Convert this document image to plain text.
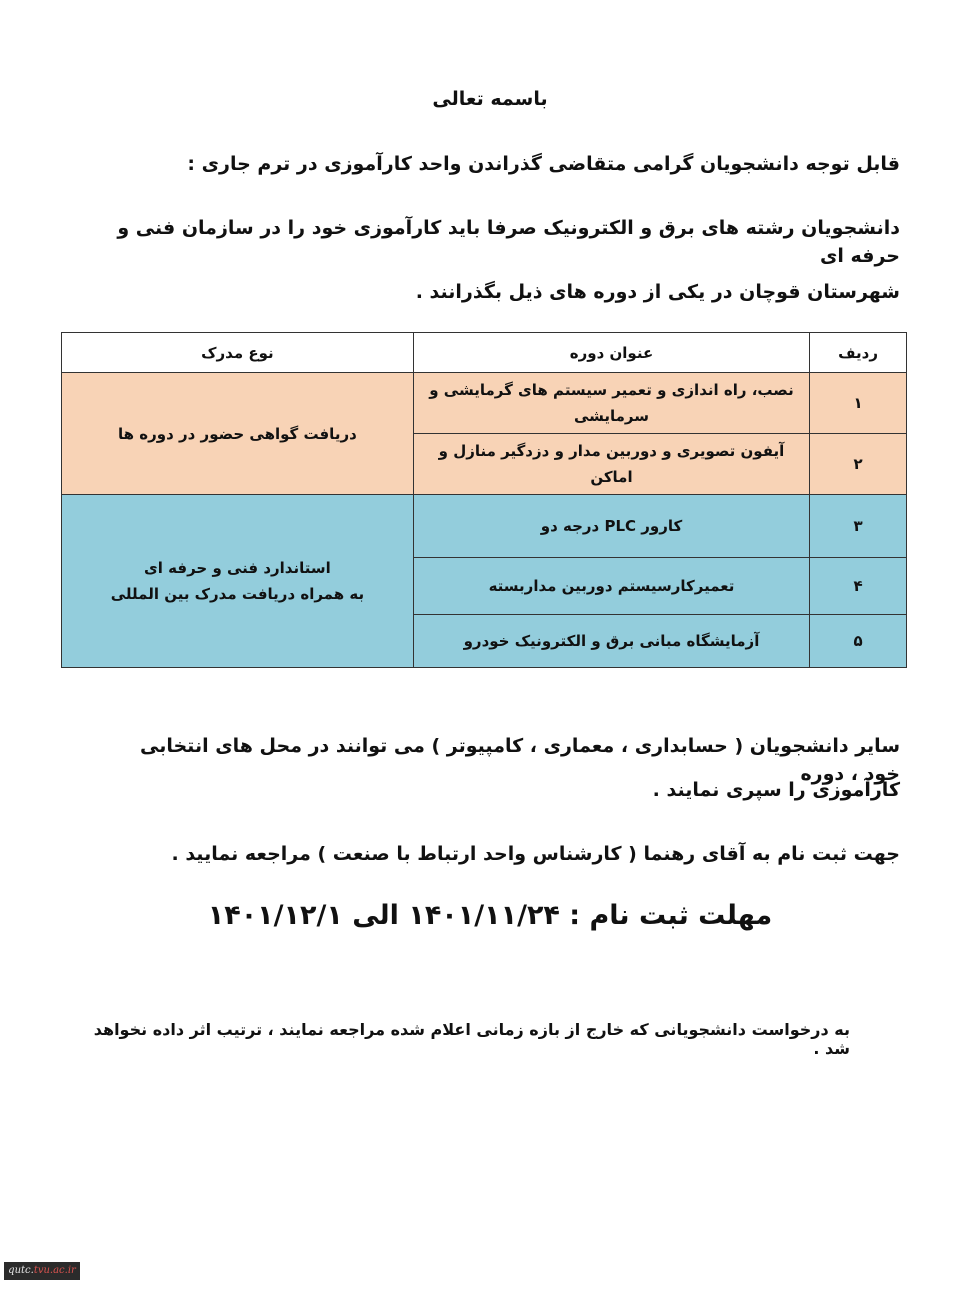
باسمه تعالی
قابل توجه دانشجویان گرامی متقاضی گذراندن واحد کارآموزی در ترم جاری :
دانشجویان رشته های برق و الکترونیک صرفا باید کارآموزی خود را در سازمان فنی و حرفه ای
شهرستان قوچان در یکی از دوره های ذیل بگذرانند .
ردیف	عنوان دوره	نوع مدرک
۱	نصب، راه اندازی و تعمیر سیستم های گرمایشی و سرمایشی	دریافت گواهی حضور در دوره ها
۲	آیفون تصویری و دوربین مدار و دزدگیر منازل و اماکن	
۳	کارور PLC درجه دو	استاندارد فنی و حرفه ای
به همراه دریافت مدرک بین المللی

۴	تعمیرکارسیستم دوربین مداربسته	
۵	آزمایشگاه مبانی برق و الکترونیک خودرو	
سایر دانشجویان ( حسابداری ، معماری ، کامپیوتر ) می توانند در محل های انتخابی خود ، دوره
کارآموزی را سپری نمایند .
جهت ثبت نام به آقای رهنما ( کارشناس واحد ارتباط با صنعت ) مراجعه نمایید .
مهلت ثبت نام : ۱۴۰۱/۱۱/۲۴ الی ۱۴۰۱/۱۲/۱
به درخواست دانشجویانی که خارج از بازه زمانی اعلام شده مراجعه نمایند ، ترتیب اثر داده نخواهد شد .
qutc.tvu.ac.ir
